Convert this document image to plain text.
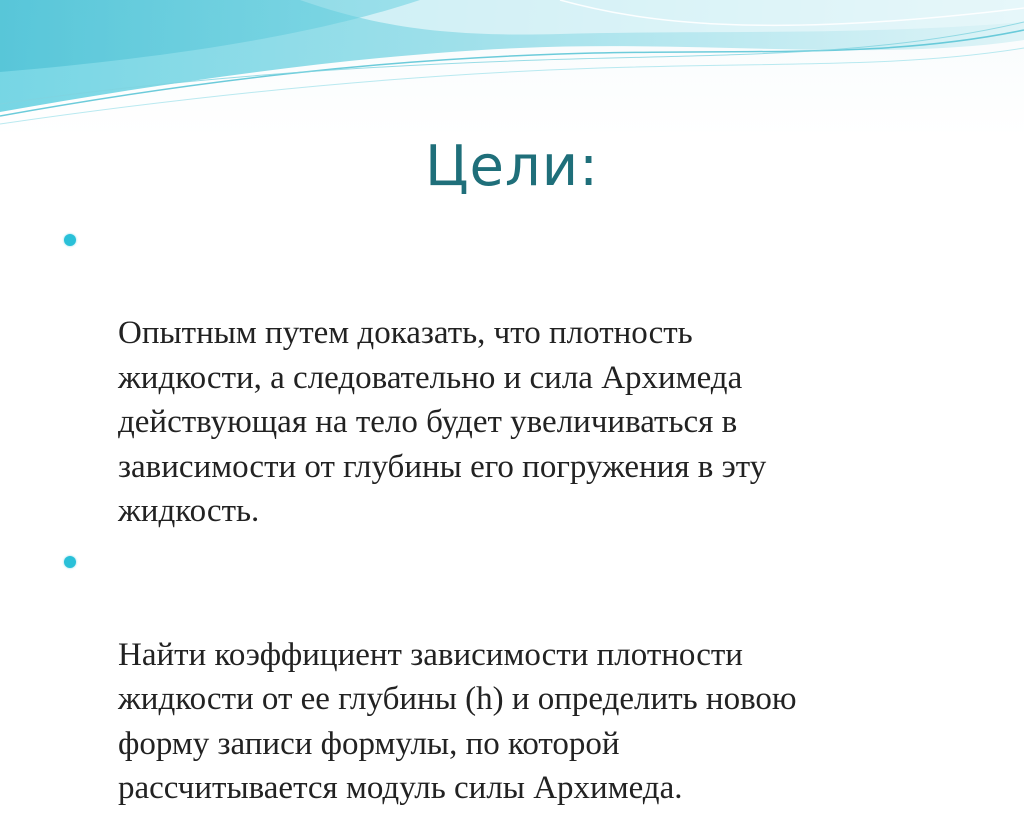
Цели:

Опытным путем доказать, что плотность
жидкости, а следовательно и сила Архимеда
действующая на тело будет увеличиваться в
зависимости от глубины его погружения в эту
жидкость.

Найти коэффициент зависимости плотности
жидкости от ее глубины (h) и определить новою
форму записи формулы, по которой
рассчитывается модуль силы Архимеда.
